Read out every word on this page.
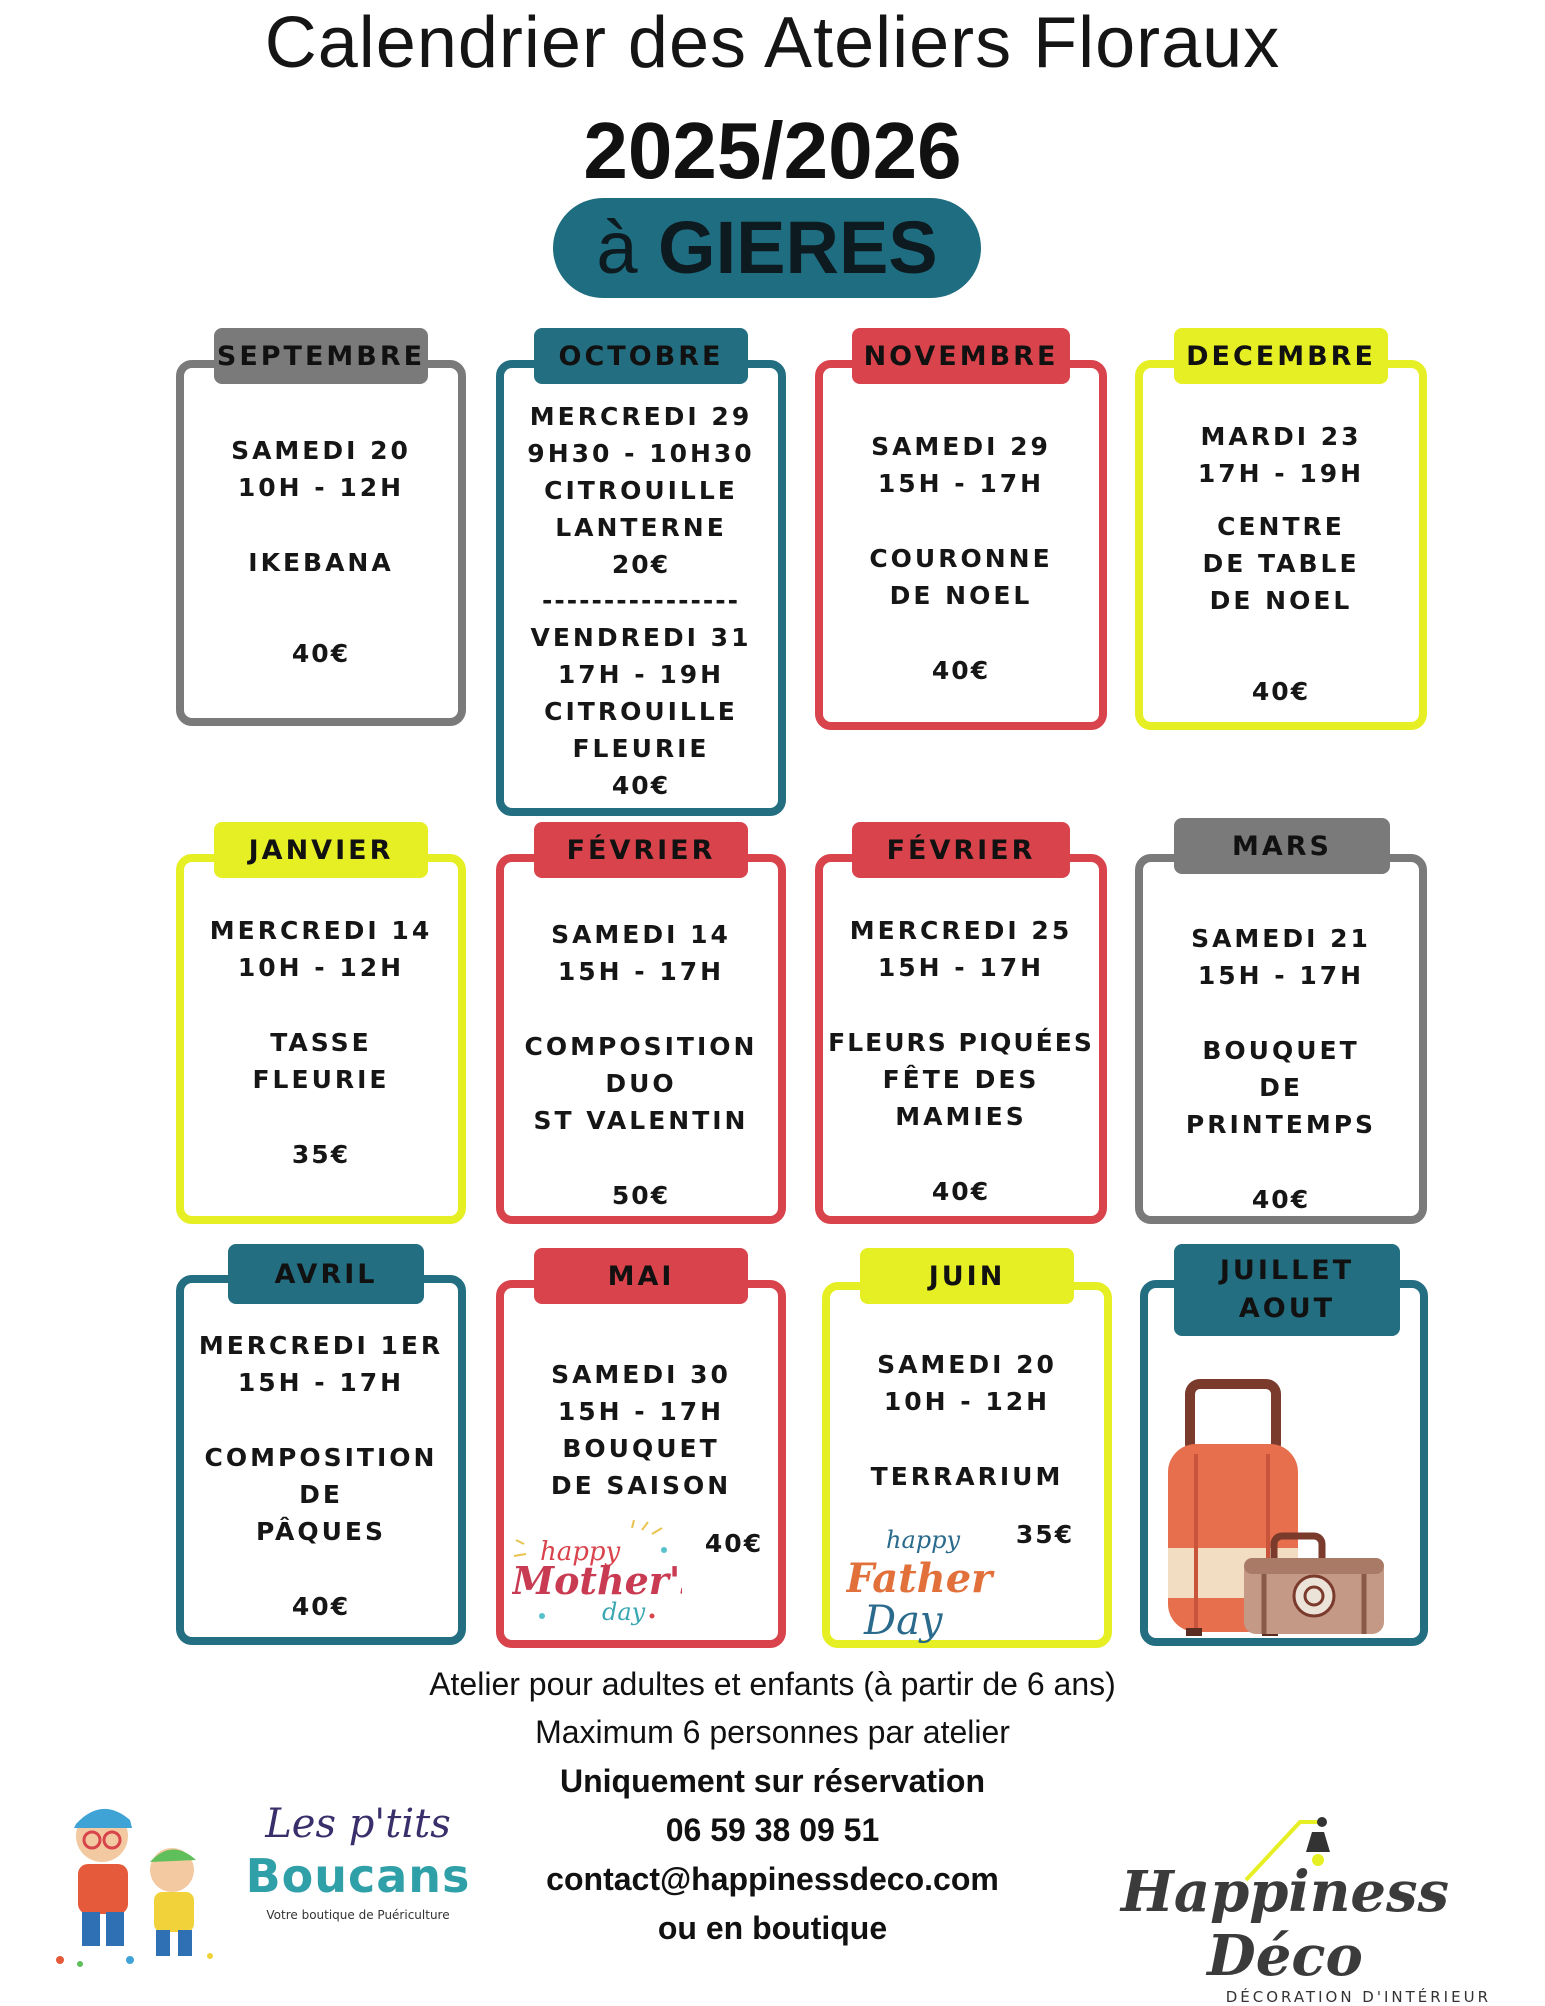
Calendrier des Ateliers Floraux
2025/2026
à GIERES
SAMEDI 20
10H - 12H
IKEBANA
40€
SEPTEMBRE
MERCREDI 29
9H30 - 10H30
CITROUILLE
LANTERNE
20€
----------------
VENDREDI 31
17H - 19H
CITROUILLE
FLEURIE
40€
OCTOBRE
SAMEDI 29
15H - 17H
COURONNE
DE NOEL
40€
NOVEMBRE
MARDI 23
17H - 19H
CENTRE
DE TABLE
DE NOEL
40€
DECEMBRE
MERCREDI 14
10H - 12H
TASSE
FLEURIE
35€
JANVIER
SAMEDI 14
15H - 17H
COMPOSITION
DUO
ST VALENTIN
50€
FÉVRIER
MERCREDI 25
15H - 17H
FLEURS PIQUÉES
FÊTE DES
MAMIES
40€
FÉVRIER
SAMEDI 21
15H - 17H
BOUQUET
DE
PRINTEMPS
40€
MARS
MERCREDI 1ER
15H - 17H
COMPOSITION
DE
PÂQUES
40€
AVRIL
SAMEDI 30
15H - 17H
BOUQUET
DE SAISON
happy
Mother'
day
40€
MAI
SAMEDI 20
10H - 12H
TERRARIUM
happy
Father
Day
35€
JUIN	JUILLET
AOUT
Atelier pour adultes et enfants (à partir de 6 ans)
Maximum 6 personnes par atelier
Uniquement sur réservation
06 59 38 09 51
contact@happinessdeco.com
ou en boutique
Les p'tits
Boucans
Votre boutique de Puériculture	Happiness Déco
DÉCORATION D'INTÉRIEUR
